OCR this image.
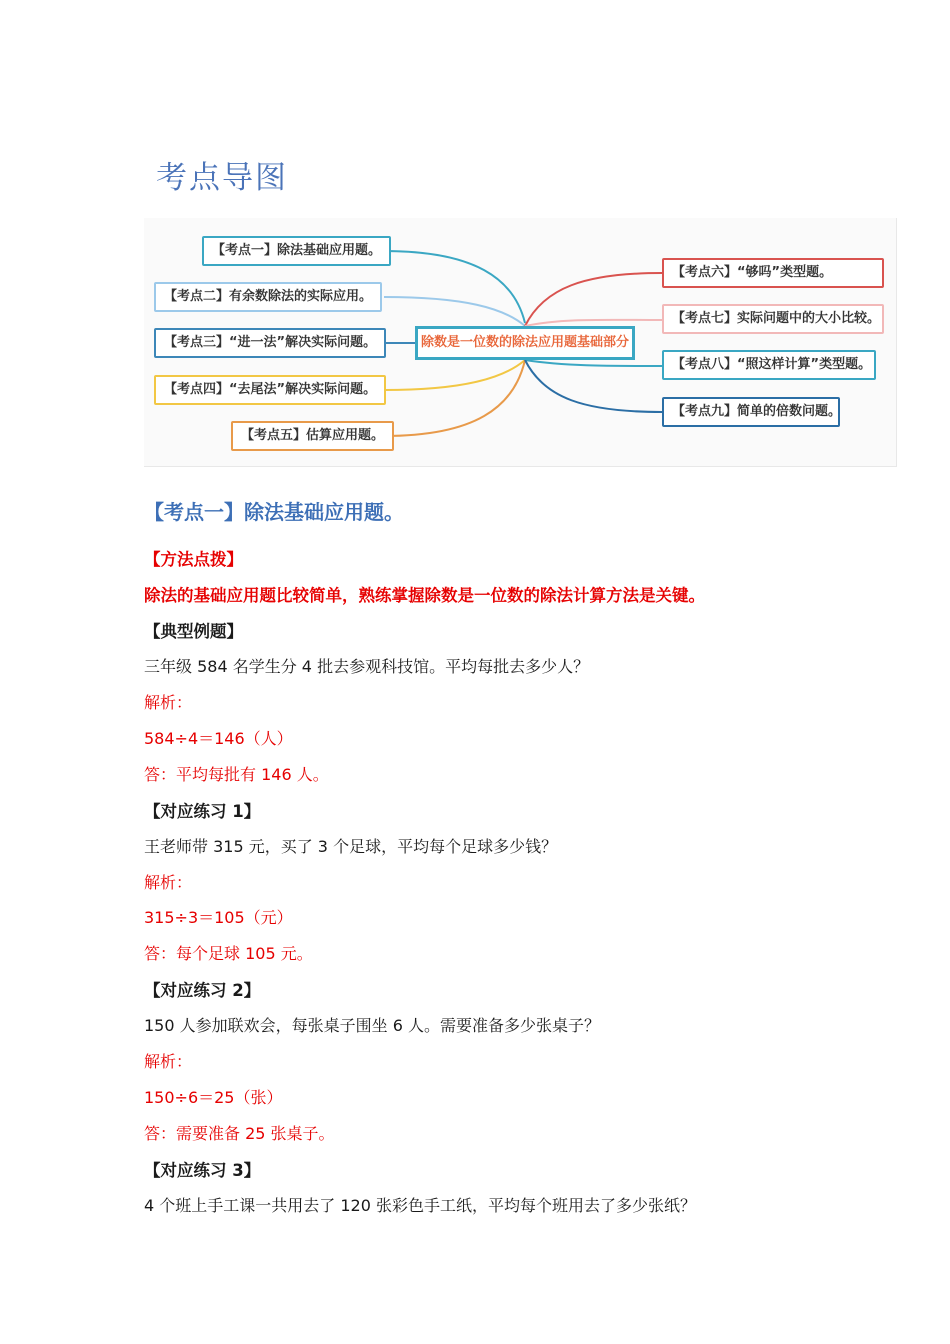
考点导图
【考点一】除法基础应用题。
【考点二】有余数除法的实际应用。
【考点三】“进一法”解决实际问题。
【考点四】“去尾法”解决实际问题。
【考点五】估算应用题。
除数是一位数的除法应用题基础部分
【考点六】“够吗”类型题。
【考点七】实际问题中的大小比较。
【考点八】“照这样计算”类型题。
【考点九】简单的倍数问题。
【考点一】除法基础应用题。
【方法点拨】
除法的基础应用题比较简单，熟练掌握除数是一位数的除法计算方法是关键。
【典型例题】
三年级 584 名学生分 4 批去参观科技馆。平均每批去多少人？
解析：
584÷4＝146（人）
答：平均每批有 146 人。
【对应练习 1】
王老师带 315 元，买了 3 个足球，平均每个足球多少钱？
解析：
315÷3＝105（元）
答：每个足球 105 元。
【对应练习 2】
150 人参加联欢会，每张桌子围坐 6 人。需要准备多少张桌子？
解析：
150÷6＝25（张）
答：需要准备 25 张桌子。
【对应练习 3】
4 个班上手工课一共用去了 120 张彩色手工纸，平均每个班用去了多少张纸？
